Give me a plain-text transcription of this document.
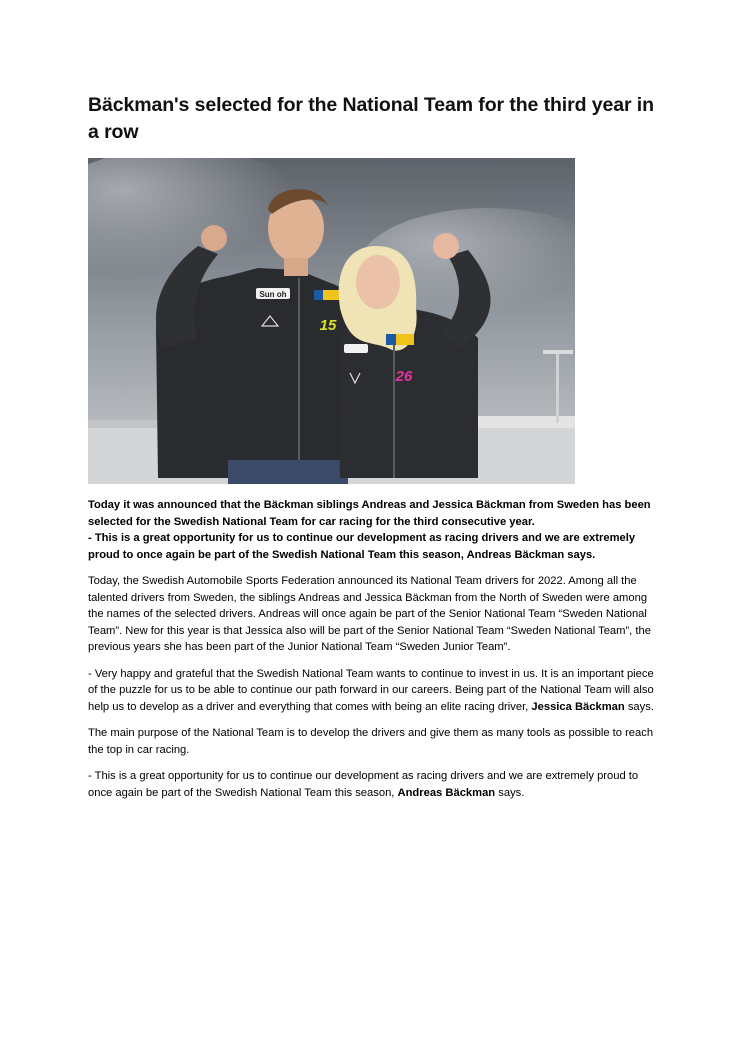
Bäckman's selected for the National Team for the third year in a row
Sun oh
15
26

Today it was announced that the Bäckman siblings Andreas and Jessica Bäckman from Sweden has been selected for the Swedish National Team for car racing for the third consecutive year.

- This is a great opportunity for us to continue our development as racing drivers and we are extremely proud to once again be part of the Swedish National Team this season, Andreas Bäckman says.

Today, the Swedish Automobile Sports Federation announced its National Team drivers for 2022. Among all the talented drivers from Sweden, the siblings Andreas and Jessica Bäckman from the North of Sweden were among the names of the selected drivers. Andreas will once again be part of the Senior National Team “Sweden National Team”. New for this year is that Jessica also will be part of the Senior National Team “Sweden National Team”, the previous years she has been part of the Junior National Team “Sweden Junior Team”.

- Very happy and grateful that the Swedish National Team wants to continue to invest in us. It is an important piece of the puzzle for us to be able to continue our path forward in our careers. Being part of the National Team will also help us to develop as a driver and everything that comes with being an elite racing driver, Jessica Bäckman says.

The main purpose of the National Team is to develop the drivers and give them as many tools as possible to reach the top in car racing.

- This is a great opportunity for us to continue our development as racing drivers and we are extremely proud to once again be part of the Swedish National Team this season, Andreas Bäckman says.
